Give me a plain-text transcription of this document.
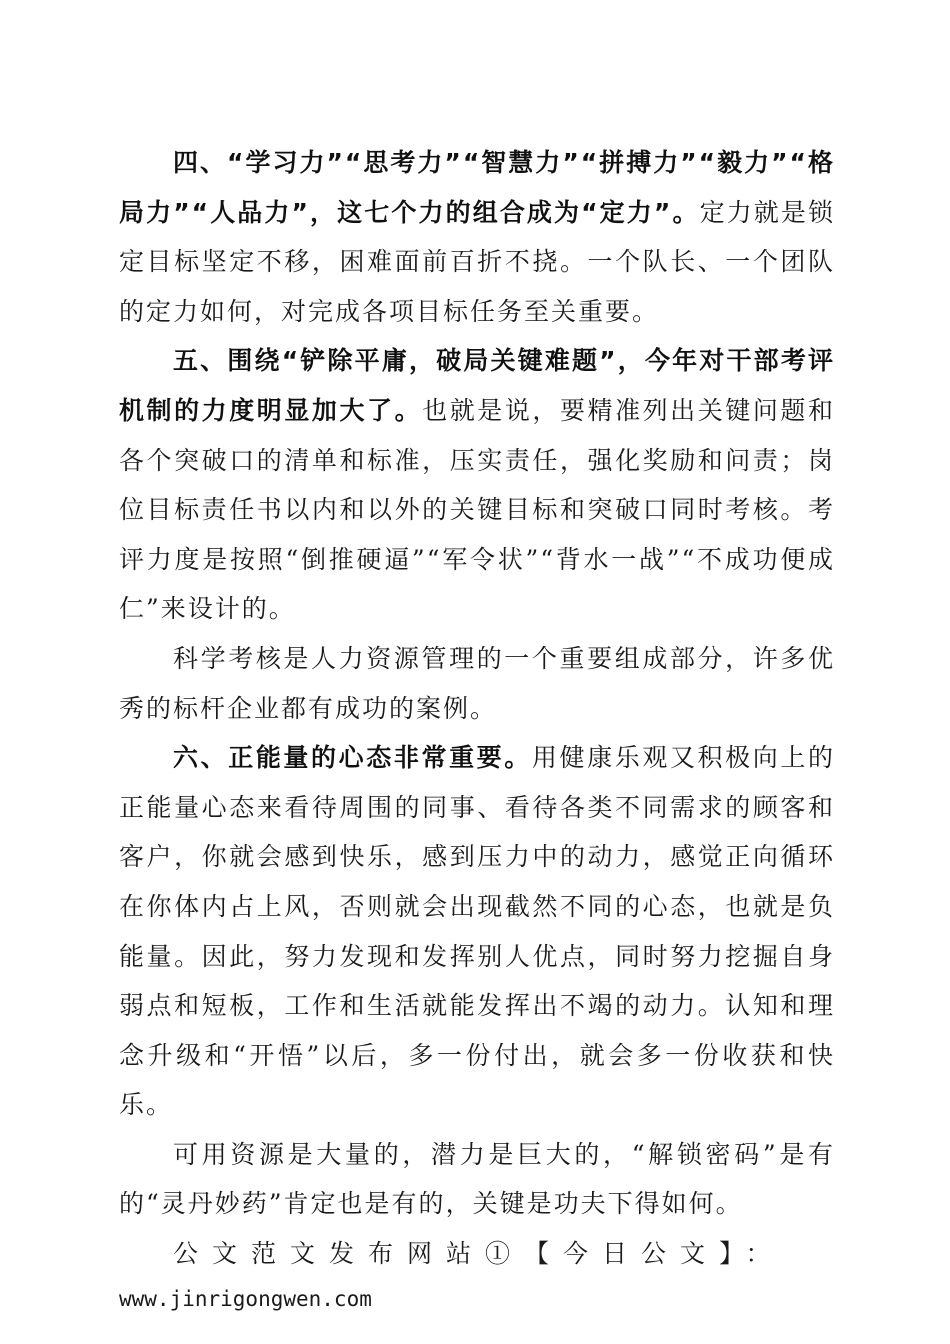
四、“学习力”“思考力”“智慧力”“拼搏力”“毅力”“格局力”“人品力”，这七个力的组合成为“定力”。定力就是锁定目标坚定不移，困难面前百折不挠。一个队长、一个团队的定力如何，对完成各项目标任务至关重要。

五、围绕“铲除平庸，破局关键难题”，今年对干部考评机制的力度明显加大了。也就是说，要精准列出关键问题和各个突破口的清单和标准，压实责任，强化奖励和问责；岗位目标责任书以内和以外的关键目标和突破口同时考核。考评力度是按照“倒推硬逼”“军令状”“背水一战”“不成功便成仁”来设计的。

科学考核是人力资源管理的一个重要组成部分，许多优秀的标杆企业都有成功的案例。

六、正能量的心态非常重要。用健康乐观又积极向上的正能量心态来看待周围的同事、看待各类不同需求的顾客和客户，你就会感到快乐，感到压力中的动力，感觉正向循环在你体内占上风，否则就会出现截然不同的心态，也就是负能量。因此，努力发现和发挥别人优点，同时努力挖掘自身弱点和短板，工作和生活就能发挥出不竭的动力。认知和理念升级和“开悟”以后，多一份付出，就会多一份收获和快乐。

可用资源是大量的，潜力是巨大的，“解锁密码”是有的“灵丹妙药”肯定也是有的，关键是功夫下得如何。

公文范文发布网站①【今日公文】：

www.jinrigongwen.com
